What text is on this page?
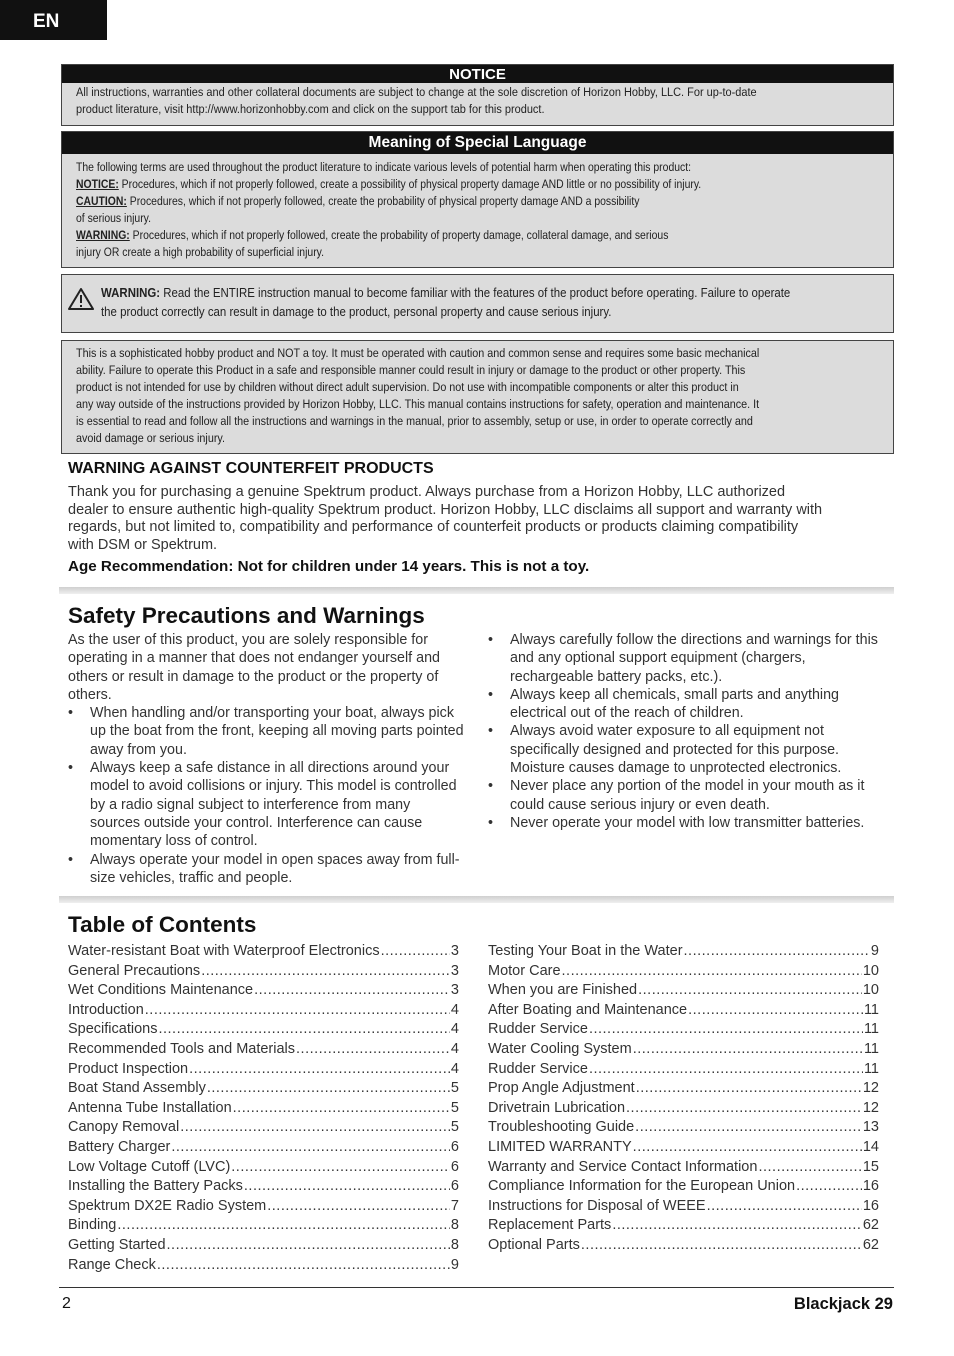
EN
NOTICE
All instructions, warranties and other collateral documents are subject to change at the sole discretion of Horizon Hobby, LLC. For up-to-date
product literature, visit http://www.horizonhobby.com and click on the support tab for this product.
Meaning of Special Language
The following terms are used throughout the product literature to indicate various levels of potential harm when operating this product:
NOTICE: Procedures, which if not properly followed, create a possibility of physical property damage AND little or no possibility of injury.
CAUTION: Procedures, which if not properly followed, create the probability of physical property damage AND a possibility
of serious injury.
WARNING: Procedures, which if not properly followed, create the probability of property damage, collateral damage, and serious
injury OR create a high probability of superficial injury.
WARNING: Read the ENTIRE instruction manual to become familiar with the features of the product before operating. Failure to operate
the product correctly can result in damage to the product, personal property and cause serious injury.
This is a sophisticated hobby product and NOT a toy. It must be operated with caution and common sense and requires some basic mechanical
ability. Failure to operate this Product in a safe and responsible manner could result in injury or damage to the product or other property. This
product is not intended for use by children without direct adult supervision. Do not use with incompatible components or alter this product in
any way outside of the instructions provided by Horizon Hobby, LLC. This manual contains instructions for safety, operation and maintenance. It
is essential to read and follow all the instructions and warnings in the manual, prior to assembly, setup or use, in order to operate correctly and
avoid damage or serious injury.
WARNING AGAINST COUNTERFEIT PRODUCTS
Thank you for purchasing a genuine Spektrum product. Always purchase from a Horizon Hobby, LLC authorized
dealer to ensure authentic high-quality Spektrum product. Horizon Hobby, LLC disclaims all support and warranty with
regards, but not limited to, compatibility and performance of counterfeit products or products claiming compatibility
with DSM or Spektrum.
Age Recommendation: Not for children under 14 years. This is not a toy.
Safety Precautions and Warnings
As the user of this product, you are solely responsible for operating in a manner that does not endanger yourself and others or result in damage to the product or the property of others.
• When handling and/or transporting your boat, always pick up the boat from the front, keeping all moving parts pointed away from you.
• Always keep a safe distance in all directions around your model to avoid collisions or injury. This model is controlled by a radio signal subject to interference from many sources outside your control. Interference can cause momentary loss of control.
• Always operate your model in open spaces away from full-size vehicles, traffic and people.
• Always carefully follow the directions and warnings for this and any optional support equipment (chargers, rechargeable battery packs, etc.).
• Always keep all chemicals, small parts and anything electrical out of the reach of children.
• Always avoid water exposure to all equipment not specifically designed and protected for this purpose. Moisture causes damage to unprotected electronics.
• Never place any portion of the model in your mouth as it could cause serious injury or even death.
• Never operate your model with low transmitter batteries.
Table of Contents
Water-resistant Boat with Waterproof Electronics .....	3
General Precautions .....	3
Wet Conditions Maintenance .....	3
Introduction .....	4
Specifications .....	4
Recommended Tools and Materials .....	4
Product Inspection .....	4
Boat Stand Assembly .....	5
Antenna Tube Installation .....	5
Canopy Removal .....	5
Battery Charger .....	6
Low Voltage Cutoff (LVC) .....	6
Installing the Battery Packs .....	6
Spektrum DX2E Radio System .....	7
Binding .....	8
Getting Started .....	8
Range Check .....	9
Testing Your Boat in the Water .....	9
Motor Care .....	10
When you are Finished .....	10
After Boating and Maintenance .....	11
Rudder Service .....	11
Water Cooling System .....	11
Rudder Service .....	11
Prop Angle Adjustment .....	12
Drivetrain Lubrication .....	12
Troubleshooting Guide .....	13
LIMITED WARRANTY .....	14
Warranty and Service Contact Information .....	15
Compliance Information for the European Union .....	16
Instructions for Disposal of WEEE .....	16
Replacement Parts .....	62
Optional Parts .....	62
2	Blackjack 29
